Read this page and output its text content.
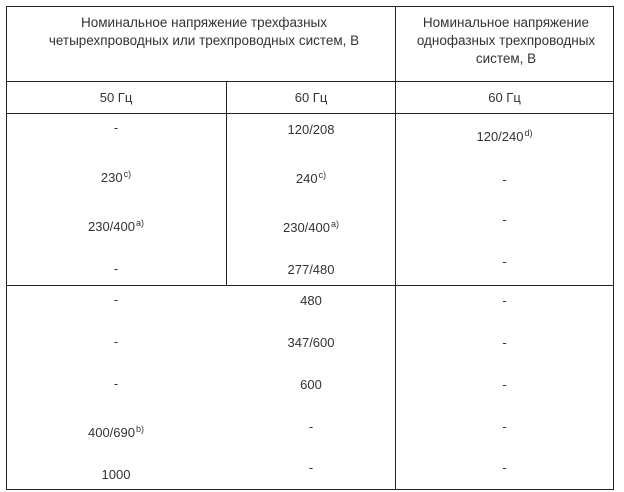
Номинальное напряжение трехфазных четырехпроводных или трехпроводных систем, В
Номинальное напряжение однофазных трехпроводных систем, В
50 Гц	60 Гц	60 Гц
-
230$^{c)}$
230/400$^{a)}$
-
120/208
240$^{c)}$
230/400$^{a)}$
277/480
120/240$^{d)}$
-
-
-
-
-
-
400/690$^{b)}$
1000
480
347/600
600
-
-
-
-
-
-
-
